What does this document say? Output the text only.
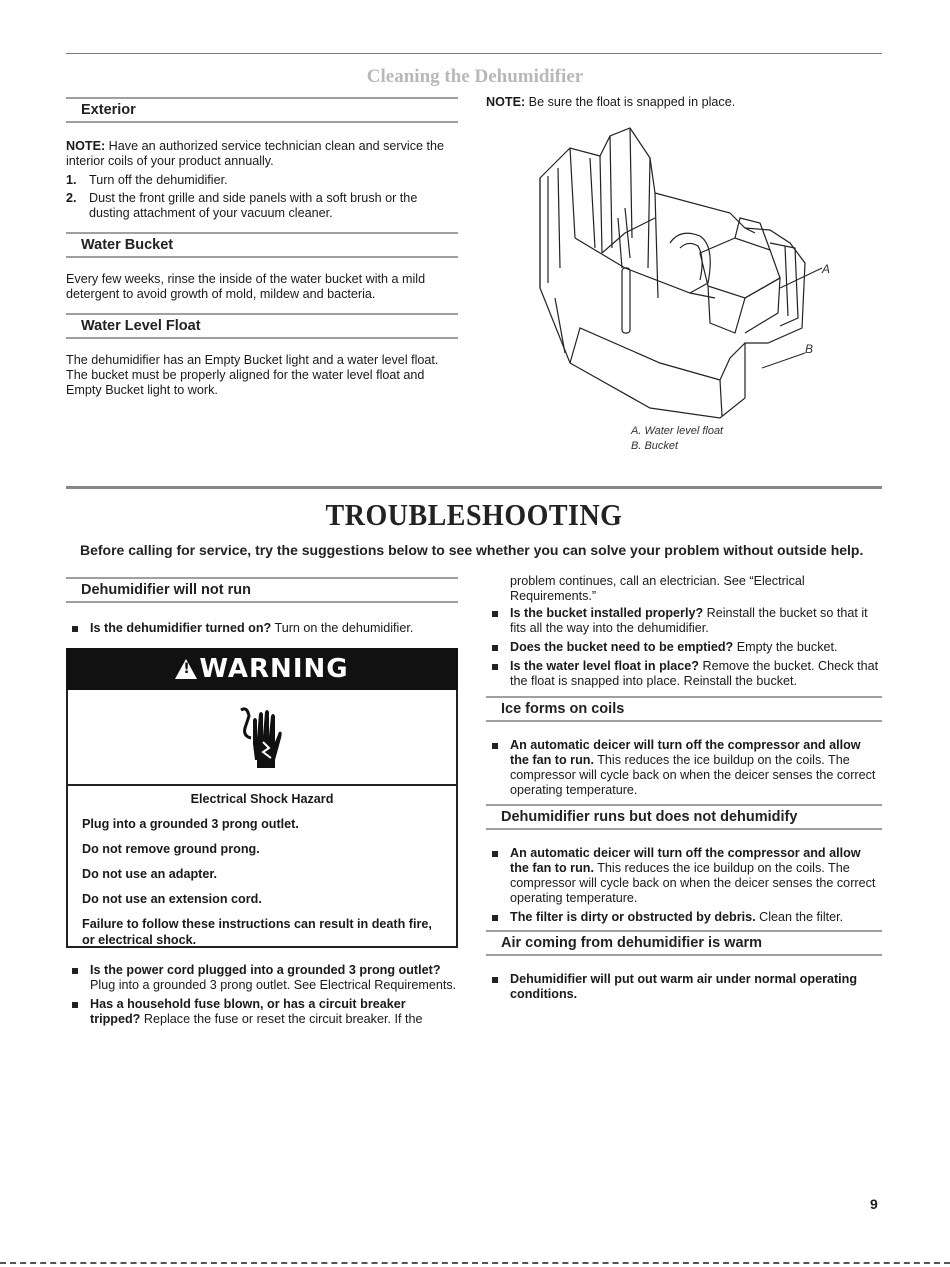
Cleaning the Dehumidifier
Exterior
NOTE: Have an authorized service technician clean and service the interior coils of your product annually.
1. Turn off the dehumidifier.
2. Dust the front grille and side panels with a soft brush or the dusting attachment of your vacuum cleaner.
Water Bucket
Every few weeks, rinse the inside of the water bucket with a mild detergent to avoid growth of mold, mildew and bacteria.
Water Level Float
The dehumidifier has an Empty Bucket light and a water level float. The bucket must be properly aligned for the water level float and Empty Bucket light to work.
NOTE: Be sure the float is snapped in place.
A
B
A. Water level float
B. Bucket
TROUBLESHOOTING
Before calling for service, try the suggestions below to see whether you can solve your problem without outside help.
Dehumidifier will not run
Is the dehumidifier turned on? Turn on the dehumidifier.
!WARNING
Electrical Shock Hazard
Plug into a grounded 3 prong outlet.
Do not remove ground prong.
Do not use an adapter.
Do not use an extension cord.
Failure to follow these instructions can result in death fire, or electrical shock.
Is the power cord plugged into a grounded 3 prong outlet? Plug into a grounded 3 prong outlet. See Electrical Requirements.
Has a household fuse blown, or has a circuit breaker tripped? Replace the fuse or reset the circuit breaker. If the
problem continues, call an electrician. See “Electrical Requirements.”
Is the bucket installed properly? Reinstall the bucket so that it fits all the way into the dehumidifier.
Does the bucket need to be emptied? Empty the bucket.
Is the water level float in place? Remove the bucket. Check that the float is snapped into place. Reinstall the bucket.
Ice forms on coils
An automatic deicer will turn off the compressor and allow the fan to run. This reduces the ice buildup on the coils. The compressor will cycle back on when the deicer senses the correct operating temperature.
Dehumidifier runs but does not dehumidify
An automatic deicer will turn off the compressor and allow the fan to run. This reduces the ice buildup on the coils. The compressor will cycle back on when the deicer senses the correct operating temperature.
The filter is dirty or obstructed by debris. Clean the filter.
Air coming from dehumidifier is warm
Dehumidifier will put out warm air under normal operating conditions.
9
